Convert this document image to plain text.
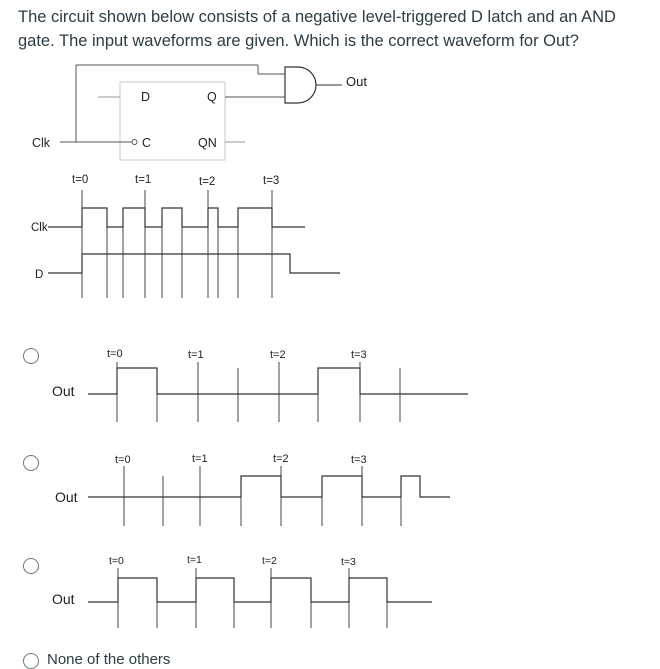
The circuit shown below consists of a negative level-triggered D latch and an AND

gate. The input waveforms are given. Which is the correct waveform for Out?

Clk
D	Q
C	QN
Out
t=0	t=1	t=2	t=3
Clk
D
t=0	t=1	t=2	t=3
Out
t=0	t=1	t=2	t=3
Out
t=0	t=1	t=2	t=3
Out
None of the others
